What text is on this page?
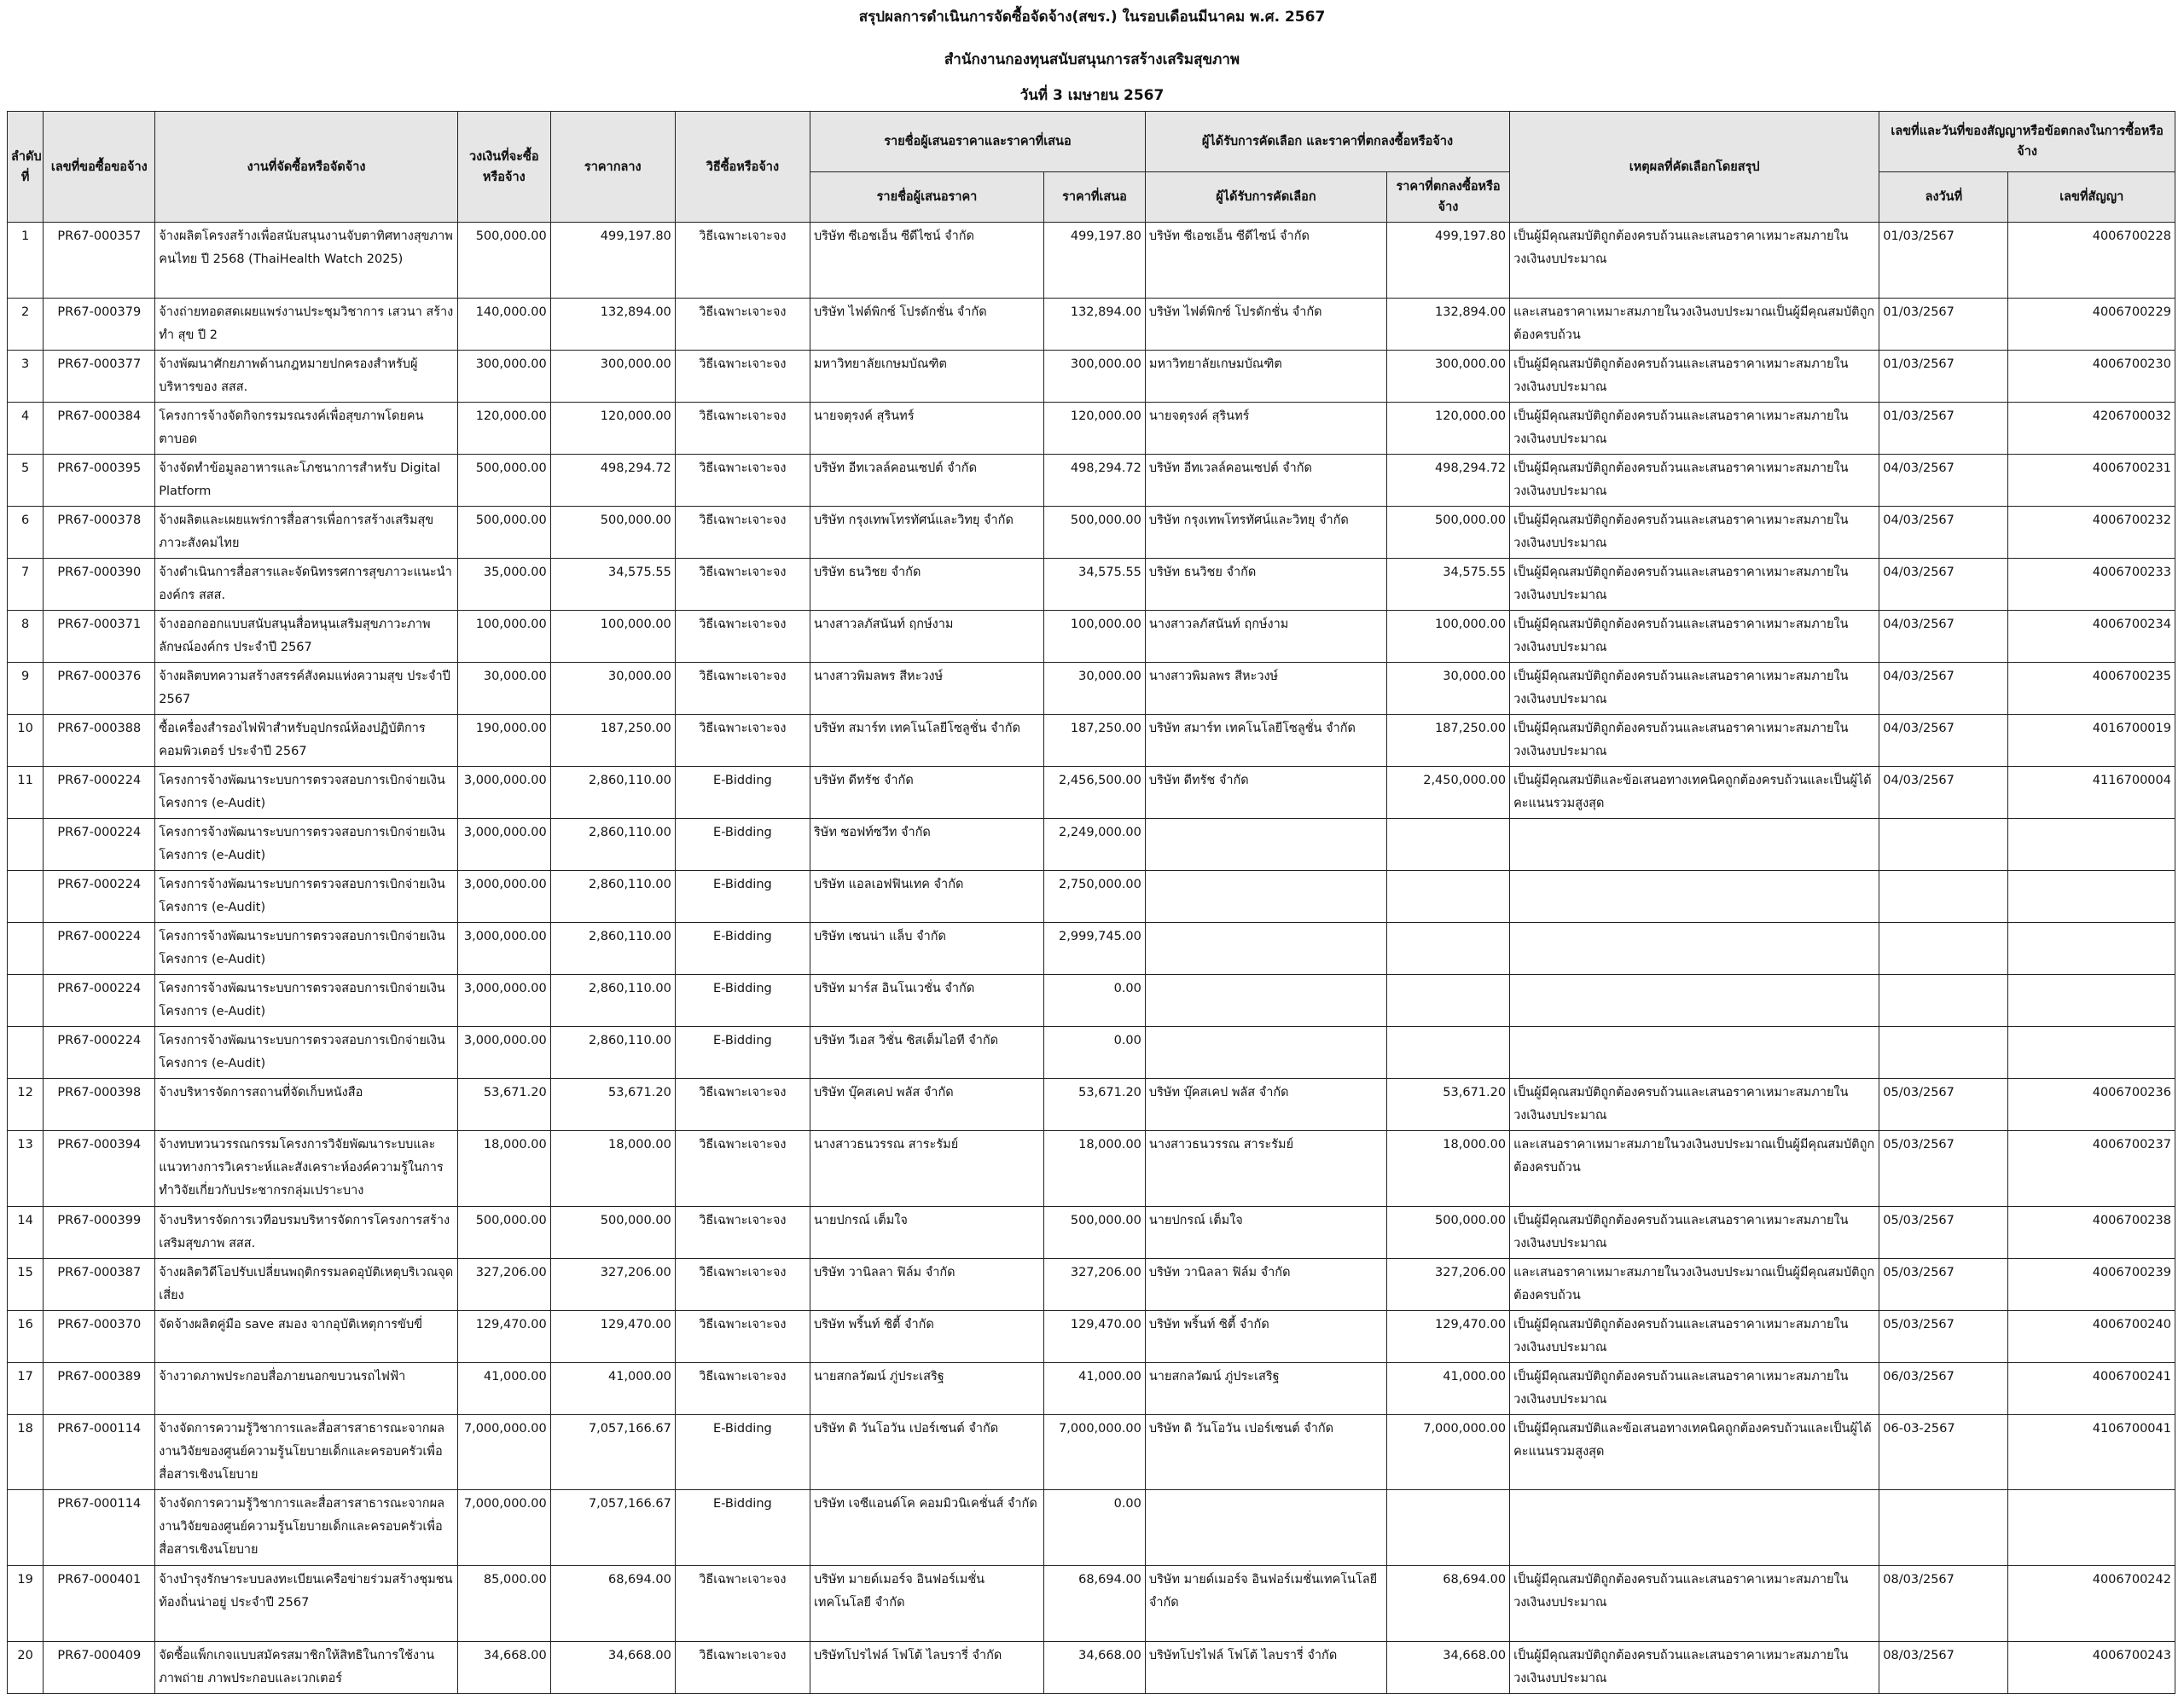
สรุปผลการดำเนินการจัดซื้อจัดจ้าง(สขร.) ในรอบเดือนมีนาคม พ.ศ. 2567
สำนักงานกองทุนสนับสนุนการสร้างเสริมสุขภาพ
วันที่ 3 เมษายน 2567
ลำดับที่	เลขที่ขอซื้อขอจ้าง	งานที่จัดซื้อหรือจัดจ้าง	วงเงินที่จะซื้อหรือจ้าง	ราคากลาง	วิธีซื้อหรือจ้าง	รายชื่อผู้เสนอราคาและราคาที่เสนอ		ผู้ได้รับการคัดเลือก และราคาที่ตกลงซื้อหรือจ้าง		เหตุผลที่คัดเลือกโดยสรุป	เลขที่และวันที่ของสัญญาหรือข้อตกลงในการซื้อหรือจ้าง	
						รายชื่อผู้เสนอราคา	ราคาที่เสนอ	ผู้ได้รับการคัดเลือก	ราคาที่ตกลงซื้อหรือจ้าง		ลงวันที่	เลขที่สัญญา
1	PR67-000357	จ้างผลิตโครงสร้างเพื่อสนับสนุนงานจับตาทิศทางสุขภาพคนไทย ปี 2568 (ThaiHealth Watch 2025)	500,000.00	499,197.80	วิธีเฉพาะเจาะจง	บริษัท ซีเอชเอ็น ซีดีไซน์ จำกัด	499,197.80	บริษัท ซีเอชเอ็น ซีดีไซน์ จำกัด	499,197.80	เป็นผู้มีคุณสมบัติถูกต้องครบถ้วนและเสนอราคาเหมาะสมภายในวงเงินงบประมาณ	01/03/2567	4006700228
2	PR67-000379	จ้างถ่ายทอดสดเผยแพร่งานประชุมวิชาการ เสวนา สร้าง ทำ สุข ปี 2	140,000.00	132,894.00	วิธีเฉพาะเจาะจง	บริษัท ไฟต์พิกซ์ โปรดักชั่น จำกัด	132,894.00	บริษัท ไฟต์พิกซ์ โปรดักชั่น จำกัด	132,894.00	และเสนอราคาเหมาะสมภายในวงเงินงบประมาณเป็นผู้มีคุณสมบัติถูกต้องครบถ้วน	01/03/2567	4006700229
3	PR67-000377	จ้างพัฒนาศักยภาพด้านกฎหมายปกครองสำหรับผู้บริหารของ สสส.	300,000.00	300,000.00	วิธีเฉพาะเจาะจง	มหาวิทยาลัยเกษมบัณฑิต	300,000.00	มหาวิทยาลัยเกษมบัณฑิต	300,000.00	เป็นผู้มีคุณสมบัติถูกต้องครบถ้วนและเสนอราคาเหมาะสมภายในวงเงินงบประมาณ	01/03/2567	4006700230
4	PR67-000384	โครงการจ้างจัดกิจกรรมรณรงค์เพื่อสุขภาพโดยคนตาบอด	120,000.00	120,000.00	วิธีเฉพาะเจาะจง	นายจตุรงค์ สุรินทร์	120,000.00	นายจตุรงค์ สุรินทร์	120,000.00	เป็นผู้มีคุณสมบัติถูกต้องครบถ้วนและเสนอราคาเหมาะสมภายในวงเงินงบประมาณ	01/03/2567	4206700032
5	PR67-000395	จ้างจัดทำข้อมูลอาหารและโภชนาการสำหรับ Digital Platform	500,000.00	498,294.72	วิธีเฉพาะเจาะจง	บริษัท อีทเวลล์คอนเซปต์ จำกัด	498,294.72	บริษัท อีทเวลล์คอนเซปต์ จำกัด	498,294.72	เป็นผู้มีคุณสมบัติถูกต้องครบถ้วนและเสนอราคาเหมาะสมภายในวงเงินงบประมาณ	04/03/2567	4006700231
6	PR67-000378	จ้างผลิตและเผยแพร่การสื่อสารเพื่อการสร้างเสริมสุขภาวะสังคมไทย	500,000.00	500,000.00	วิธีเฉพาะเจาะจง	บริษัท กรุงเทพโทรทัศน์และวิทยุ จำกัด	500,000.00	บริษัท กรุงเทพโทรทัศน์และวิทยุ จำกัด	500,000.00	เป็นผู้มีคุณสมบัติถูกต้องครบถ้วนและเสนอราคาเหมาะสมภายในวงเงินงบประมาณ	04/03/2567	4006700232
7	PR67-000390	จ้างดำเนินการสื่อสารและจัดนิทรรศการสุขภาวะแนะนำองค์กร สสส.	35,000.00	34,575.55	วิธีเฉพาะเจาะจง	บริษัท ธนวิชย จำกัด	34,575.55	บริษัท ธนวิชย จำกัด	34,575.55	เป็นผู้มีคุณสมบัติถูกต้องครบถ้วนและเสนอราคาเหมาะสมภายในวงเงินงบประมาณ	04/03/2567	4006700233
8	PR67-000371	จ้างออกออกแบบสนับสนุนสื่อหนุนเสริมสุขภาวะภาพลักษณ์องค์กร ประจำปี 2567	100,000.00	100,000.00	วิธีเฉพาะเจาะจง	นางสาวลภัสนันท์ ฤกษ์งาม	100,000.00	นางสาวลภัสนันท์ ฤกษ์งาม	100,000.00	เป็นผู้มีคุณสมบัติถูกต้องครบถ้วนและเสนอราคาเหมาะสมภายในวงเงินงบประมาณ	04/03/2567	4006700234
9	PR67-000376	จ้างผลิตบทความสร้างสรรค์สังคมแห่งความสุข ประจำปี 2567	30,000.00	30,000.00	วิธีเฉพาะเจาะจง	นางสาวพิมลพร สีหะวงษ์	30,000.00	นางสาวพิมลพร สีหะวงษ์	30,000.00	เป็นผู้มีคุณสมบัติถูกต้องครบถ้วนและเสนอราคาเหมาะสมภายในวงเงินงบประมาณ	04/03/2567	4006700235
10	PR67-000388	ซื้อเครื่องสำรองไฟฟ้าสำหรับอุปกรณ์ห้องปฏิบัติการคอมพิวเตอร์ ประจำปี 2567	190,000.00	187,250.00	วิธีเฉพาะเจาะจง	บริษัท สมาร์ท เทคโนโลยีโซลูชั่น จำกัด	187,250.00	บริษัท สมาร์ท เทคโนโลยีโซลูชั่น จำกัด	187,250.00	เป็นผู้มีคุณสมบัติถูกต้องครบถ้วนและเสนอราคาเหมาะสมภายในวงเงินงบประมาณ	04/03/2567	4016700019
11	PR67-000224	โครงการจ้างพัฒนาระบบการตรวจสอบการเบิกจ่ายเงินโครงการ (e-Audit)	3,000,000.00	2,860,110.00	E-Bidding	บริษัท ดีทรัช จำกัด	2,456,500.00	บริษัท ดีทรัช จำกัด	2,450,000.00	เป็นผู้มีคุณสมบัติและข้อเสนอทางเทคนิคถูกต้องครบถ้วนและเป็นผู้ได้คะแนนรวมสูงสุด	04/03/2567	4116700004
	PR67-000224	โครงการจ้างพัฒนาระบบการตรวจสอบการเบิกจ่ายเงินโครงการ (e-Audit)	3,000,000.00	2,860,110.00	E-Bidding	ริษัท ซอฟท์ซวีท จำกัด	2,249,000.00					
	PR67-000224	โครงการจ้างพัฒนาระบบการตรวจสอบการเบิกจ่ายเงินโครงการ (e-Audit)	3,000,000.00	2,860,110.00	E-Bidding	บริษัท แอลเอฟฟินเทค จำกัด	2,750,000.00					
	PR67-000224	โครงการจ้างพัฒนาระบบการตรวจสอบการเบิกจ่ายเงินโครงการ (e-Audit)	3,000,000.00	2,860,110.00	E-Bidding	บริษัท เซนน่า แล็บ จำกัด	2,999,745.00					
	PR67-000224	โครงการจ้างพัฒนาระบบการตรวจสอบการเบิกจ่ายเงินโครงการ (e-Audit)	3,000,000.00	2,860,110.00	E-Bidding	บริษัท มาร์ส อินโนเวชั่น จำกัด	0.00					
	PR67-000224	โครงการจ้างพัฒนาระบบการตรวจสอบการเบิกจ่ายเงินโครงการ (e-Audit)	3,000,000.00	2,860,110.00	E-Bidding	บริษัท วีเอส วิชั่น ซิสเต็มไอที จำกัด	0.00					
12	PR67-000398	จ้างบริหารจัดการสถานที่จัดเก็บหนังสือ	53,671.20	53,671.20	วิธีเฉพาะเจาะจง	บริษัท บุ๊คสเคป พลัส จำกัด	53,671.20	บริษัท บุ๊คสเคป พลัส จำกัด	53,671.20	เป็นผู้มีคุณสมบัติถูกต้องครบถ้วนและเสนอราคาเหมาะสมภายในวงเงินงบประมาณ	05/03/2567	4006700236
13	PR67-000394	จ้างทบทวนวรรณกรรมโครงการวิจัยพัฒนาระบบและแนวทางการวิเคราะห์และสังเคราะห์องค์ความรู้ในการทำวิจัยเกี่ยวกับประชากรกลุ่มเปราะบาง	18,000.00	18,000.00	วิธีเฉพาะเจาะจง	นางสาวธนวรรณ สาระรัมย์	18,000.00	นางสาวธนวรรณ สาระรัมย์	18,000.00	และเสนอราคาเหมาะสมภายในวงเงินงบประมาณเป็นผู้มีคุณสมบัติถูกต้องครบถ้วน	05/03/2567	4006700237
14	PR67-000399	จ้างบริหารจัดการเวทีอบรมบริหารจัดการโครงการสร้างเสริมสุขภาพ สสส.	500,000.00	500,000.00	วิธีเฉพาะเจาะจง	นายปกรณ์ เต็มใจ	500,000.00	นายปกรณ์ เต็มใจ	500,000.00	เป็นผู้มีคุณสมบัติถูกต้องครบถ้วนและเสนอราคาเหมาะสมภายในวงเงินงบประมาณ	05/03/2567	4006700238
15	PR67-000387	จ้างผลิตวิดีโอปรับเปลี่ยนพฤติกรรมลดอุบัติเหตุบริเวณจุดเสี่ยง	327,206.00	327,206.00	วิธีเฉพาะเจาะจง	บริษัท วานิลลา ฟิล์ม จำกัด	327,206.00	บริษัท วานิลลา ฟิล์ม จำกัด	327,206.00	และเสนอราคาเหมาะสมภายในวงเงินงบประมาณเป็นผู้มีคุณสมบัติถูกต้องครบถ้วน	05/03/2567	4006700239
16	PR67-000370	จัดจ้างผลิตคู่มือ save สมอง จากอุบัติเหตุการขับขี่	129,470.00	129,470.00	วิธีเฉพาะเจาะจง	บริษัท พริ้นท์ ซิตี้ จำกัด	129,470.00	บริษัท พริ้นท์ ซิตี้ จำกัด	129,470.00	เป็นผู้มีคุณสมบัติถูกต้องครบถ้วนและเสนอราคาเหมาะสมภายในวงเงินงบประมาณ	05/03/2567	4006700240
17	PR67-000389	จ้างวาดภาพประกอบสื่อภายนอกขบวนรถไฟฟ้า	41,000.00	41,000.00	วิธีเฉพาะเจาะจง	นายสกลวัฒน์ ภู่ประเสริฐ	41,000.00	นายสกลวัฒน์ ภู่ประเสริฐ	41,000.00	เป็นผู้มีคุณสมบัติถูกต้องครบถ้วนและเสนอราคาเหมาะสมภายในวงเงินงบประมาณ	06/03/2567	4006700241
18	PR67-000114	จ้างจัดการความรู้วิชาการและสื่อสารสาธารณะจากผลงานวิจัยของศูนย์ความรู้นโยบายเด็กและครอบครัวเพื่อสื่อสารเชิงนโยบาย	7,000,000.00	7,057,166.67	E-Bidding	บริษัท ดิ วันโอวัน เปอร์เซนต์ จำกัด	7,000,000.00	บริษัท ดิ วันโอวัน เปอร์เซนต์ จำกัด	7,000,000.00	เป็นผู้มีคุณสมบัติและข้อเสนอทางเทคนิคถูกต้องครบถ้วนและเป็นผู้ได้คะแนนรวมสูงสุด	06-03-2567	4106700041
	PR67-000114	จ้างจัดการความรู้วิชาการและสื่อสารสาธารณะจากผลงานวิจัยของศูนย์ความรู้นโยบายเด็กและครอบครัวเพื่อสื่อสารเชิงนโยบาย	7,000,000.00	7,057,166.67	E-Bidding	บริษัท เจซีแอนด์โค คอมมิวนิเคชั่นส์ จำกัด	0.00					
19	PR67-000401	จ้างบำรุงรักษาระบบลงทะเบียนเครือข่ายร่วมสร้างชุมชนท้องถิ่นน่าอยู่ ประจำปี 2567	85,000.00	68,694.00	วิธีเฉพาะเจาะจง	บริษัท มายด์เมอร์จ อินฟอร์เมชั่นเทคโนโลยี จำกัด	68,694.00	บริษัท มายด์เมอร์จ อินฟอร์เมชั่นเทคโนโลยี จำกัด	68,694.00	เป็นผู้มีคุณสมบัติถูกต้องครบถ้วนและเสนอราคาเหมาะสมภายในวงเงินงบประมาณ	08/03/2567	4006700242
20	PR67-000409	จัดซื้อแพ็กเกจแบบสมัครสมาชิกให้สิทธิในการใช้งานภาพถ่าย ภาพประกอบและเวกเตอร์	34,668.00	34,668.00	วิธีเฉพาะเจาะจง	บริษัทโปรไฟล์ โฟโต้ ไลบรารี่ จำกัด	34,668.00	บริษัทโปรไฟล์ โฟโต้ ไลบรารี่ จำกัด	34,668.00	เป็นผู้มีคุณสมบัติถูกต้องครบถ้วนและเสนอราคาเหมาะสมภายในวงเงินงบประมาณ	08/03/2567	4006700243
